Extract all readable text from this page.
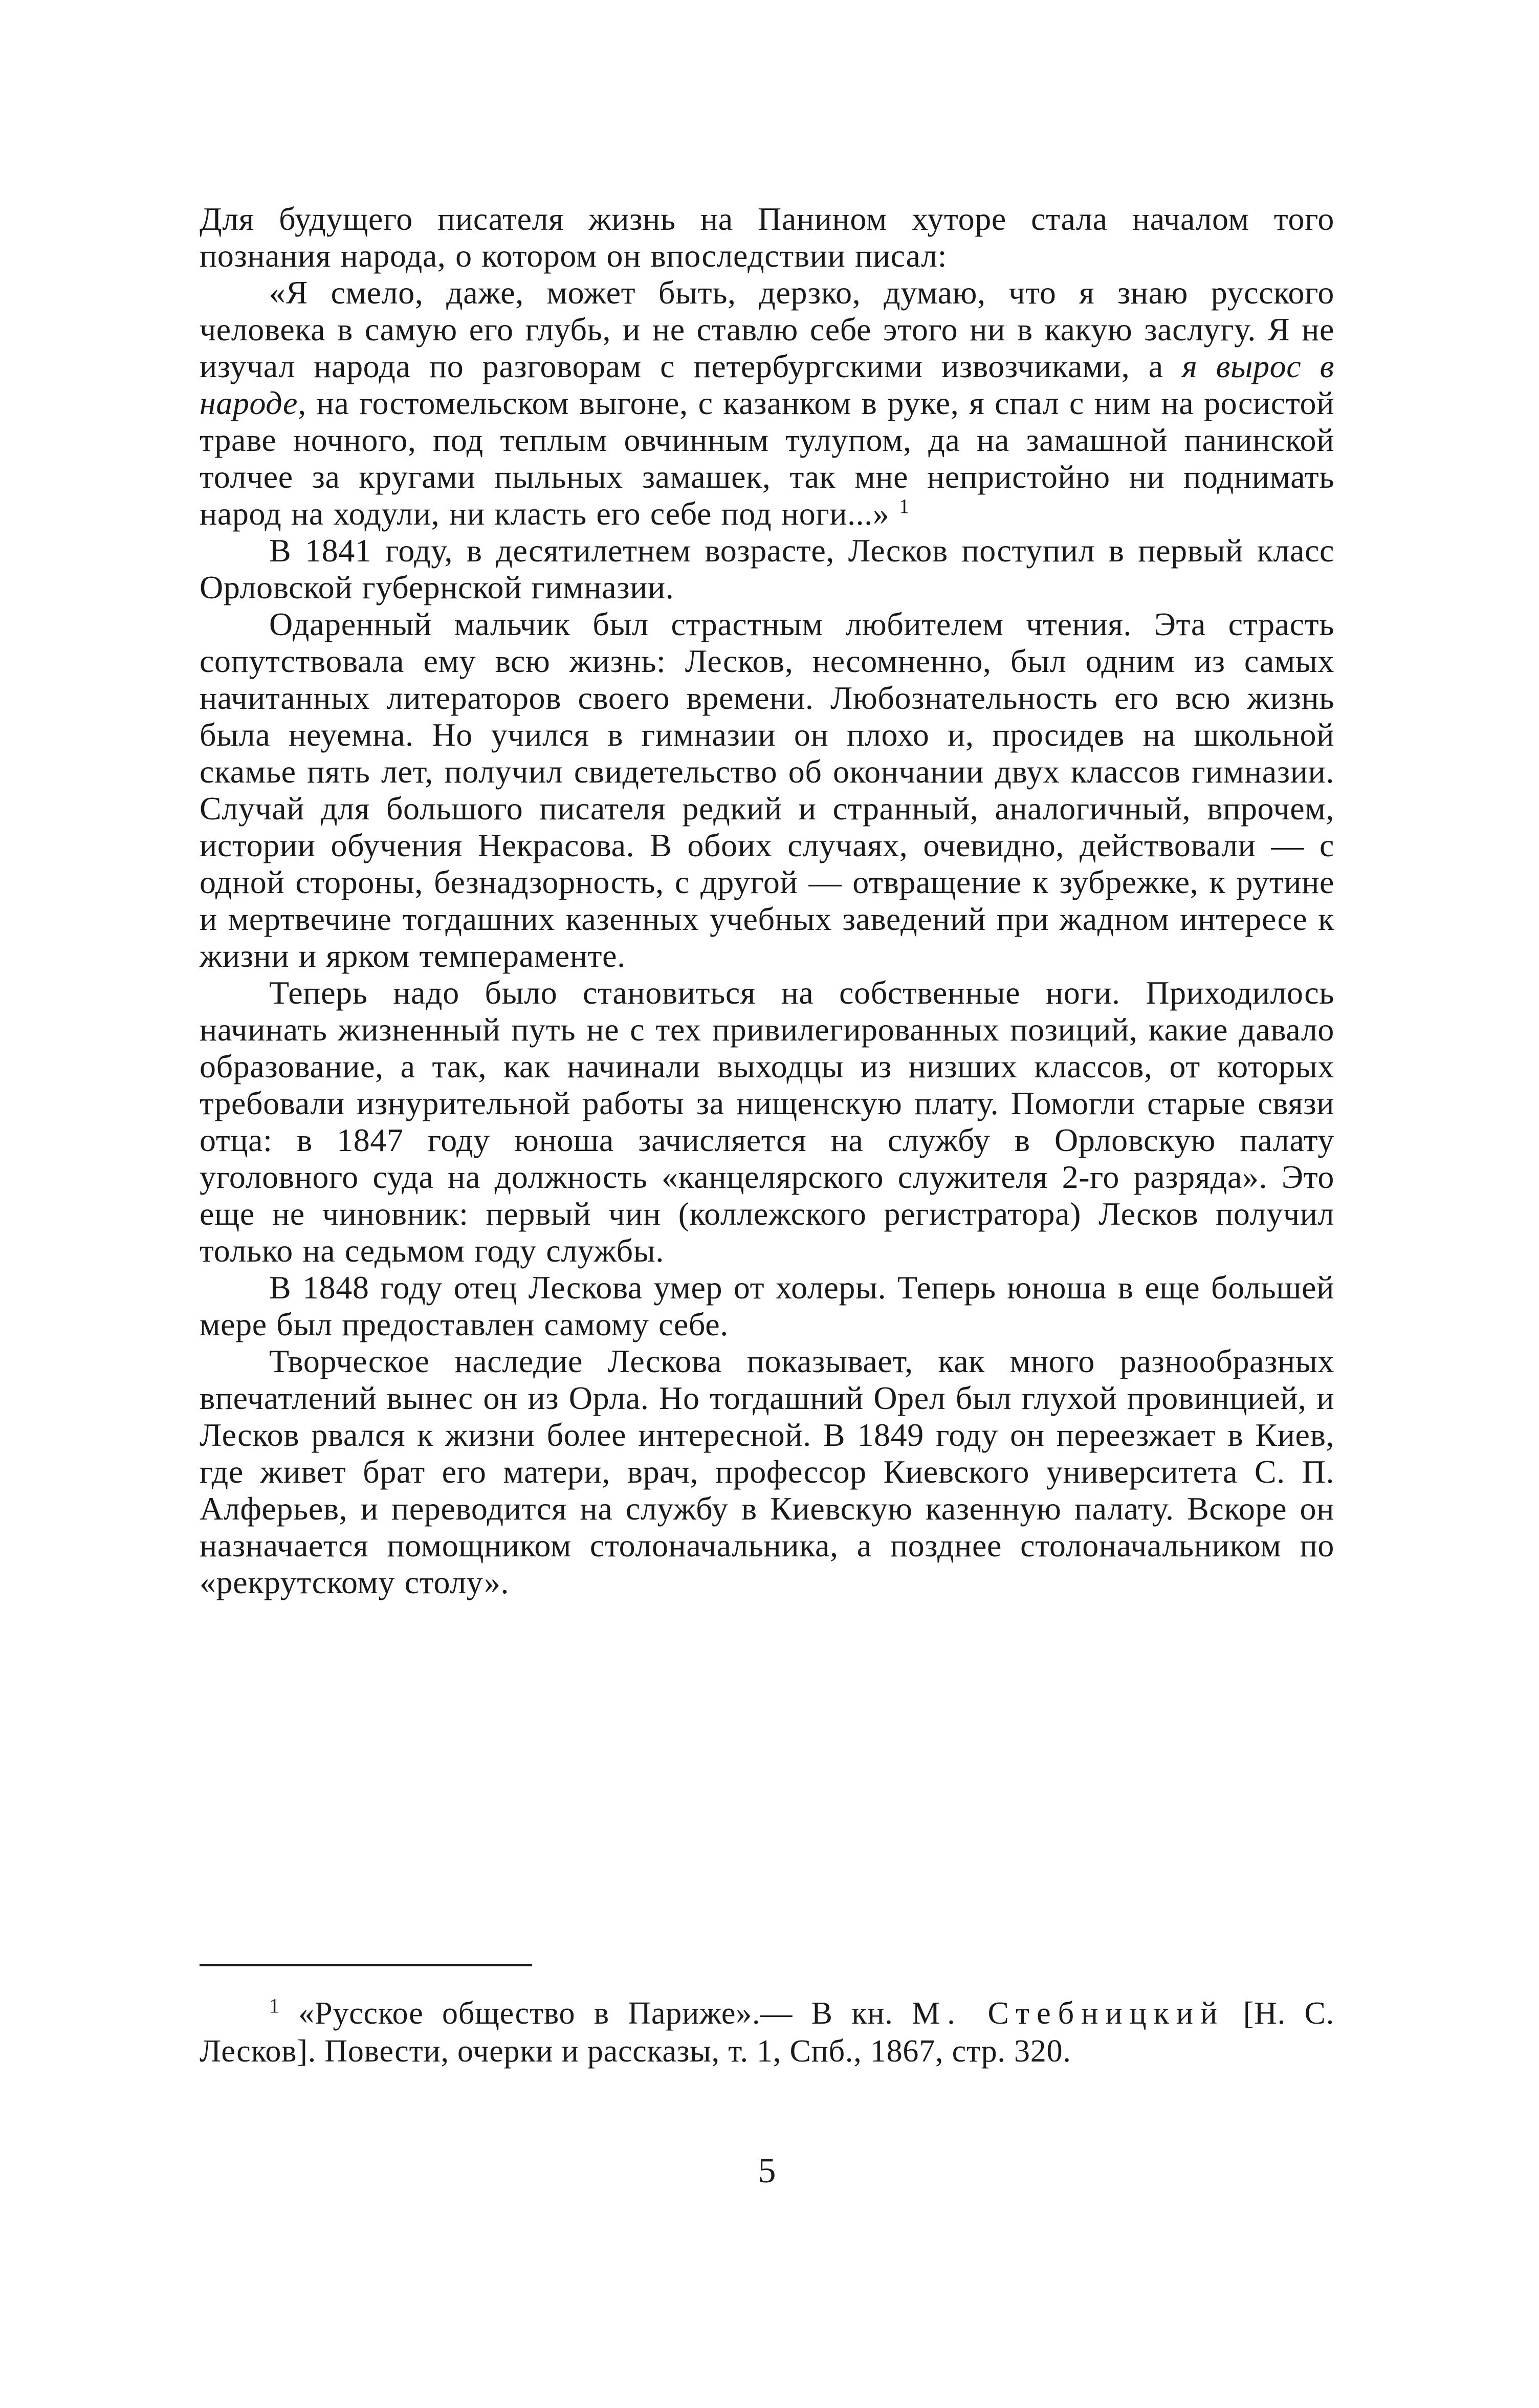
Для будущего писателя жизнь на Панином хуторе стала началом того познания народа, о котором он впоследствии писал:

«Я смело, даже, может быть, дерзко, думаю, что я знаю русского человека в самую его глубь, и не ставлю себе этого ни в какую заслугу. Я не изучал народа по разговорам с петербургскими извозчиками, а я вырос в народе, на гостомельском выгоне, с казанком в руке, я спал с ним на росистой траве ночного, под теплым овчинным тулупом, да на замашной панинской толчее за кругами пыльных замашек, так мне непристойно ни поднимать народ на ходули, ни класть его себе под ноги...» $^1$

В 1841 году, в десятилетнем возрасте, Лесков поступил в первый класс Орловской губернской гимназии.

Одаренный мальчик был страстным любителем чтения. Эта страсть сопутствовала ему всю жизнь: Лесков, несомненно, был одним из самых начитанных литераторов своего времени. Любознательность его всю жизнь была неуемна. Но учился в гимназии он плохо и, просидев на школьной скамье пять лет, получил свидетельство об окончании двух классов гимназии. Случай для большого писателя редкий и странный, аналогичный, впрочем, истории обучения Некрасова. В обоих случаях, очевидно, действовали — с одной стороны, безнадзорность, с другой — отвращение к зубрежке, к рутине и мертвечине тогдашних казенных учебных заведений при жадном интересе к жизни и ярком темпераменте.

Теперь надо было становиться на собственные ноги. Приходилось начинать жизненный путь не с тех привилегированных позиций, какие давало образование, а так, как начинали выходцы из низших классов, от которых требовали изнурительной работы за нищенскую плату. Помогли старые связи отца: в 1847 году юноша зачисляется на службу в Орловскую палату уголовного суда на должность «канцелярского служителя 2-го разряда». Это еще не чиновник: первый чин (коллежского регистратора) Лесков получил только на седьмом году службы.

В 1848 году отец Лескова умер от холеры. Теперь юноша в еще большей мере был предоставлен самому себе.

Творческое наследие Лескова показывает, как много разнообразных впечатлений вынес он из Орла. Но тогдашний Орел был глухой провинцией, и Лесков рвался к жизни более интересной. В 1849 году он переезжает в Киев, где живет брат его матери, врач, профессор Киевского университета С. П. Алферьев, и переводится на службу в Киевскую казенную палату. Вскоре он назначается помощником столоначальника, а позднее столоначальником по «рекрутскому столу».

$^1$ «Русское общество в Париже».— В кн. М. Стебницкий [Н. С. Лесков]. Повести, очерки и рассказы, т. 1, Спб., 1867, стр. 320.
5
